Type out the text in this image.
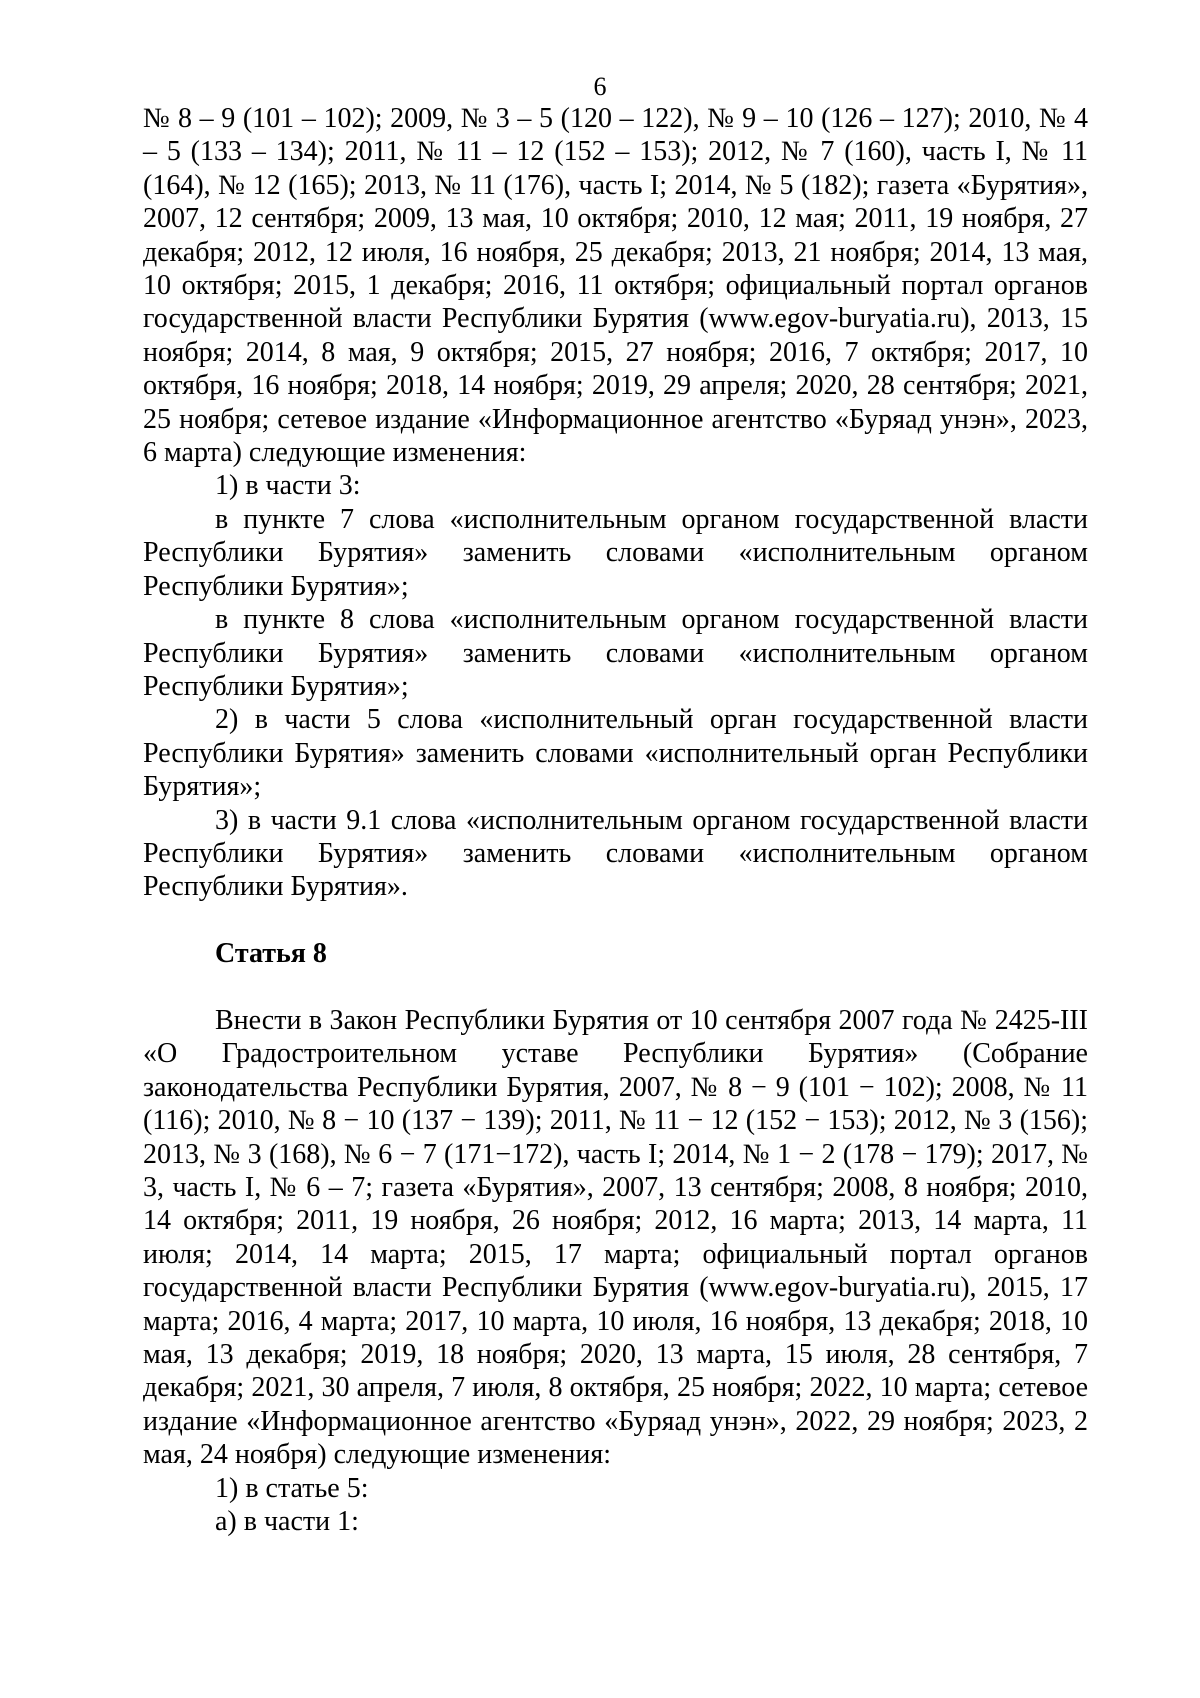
6

№ 8 – 9 (101 – 102); 2009, № 3 – 5 (120 – 122), № 9 – 10 (126 – 127); 2010, № 4 – 5 (133 – 134); 2011, № 11 – 12 (152 – 153); 2012, № 7 (160), часть I, № 11 (164), № 12 (165); 2013, № 11 (176), часть I; 2014, № 5 (182); газета «Бурятия», 2007, 12 сентября; 2009, 13 мая, 10 октября; 2010, 12 мая; 2011, 19 ноября, 27 декабря; 2012, 12 июля, 16 ноября, 25 декабря; 2013, 21 ноября; 2014, 13 мая, 10 октября; 2015, 1 декабря; 2016, 11 октября; официальный портал органов государственной власти Республики Бурятия (www.egov-buryatia.ru), 2013, 15 ноября; 2014, 8 мая, 9 октября; 2015, 27 ноября; 2016, 7 октября; 2017, 10 октября, 16 ноября; 2018, 14 ноября; 2019, 29 апреля; 2020, 28 сентября; 2021, 25 ноября; сетевое издание «Информационное агентство «Буряад унэн», 2023, 6 марта) следующие изменения:

1) в части 3:

в пункте 7 слова «исполнительным органом государственной власти Республики Бурятия» заменить словами «исполнительным органом Республики Бурятия»;

в пункте 8 слова «исполнительным органом государственной власти Республики Бурятия» заменить словами «исполнительным органом Республики Бурятия»;

2) в части 5 слова «исполнительный орган государственной власти Республики Бурятия» заменить словами «исполнительный орган Республики Бурятия»;

3) в части 9.1 слова «исполнительным органом государственной власти Республики Бурятия» заменить словами «исполнительным органом Республики Бурятия».

Статья 8

Внести в Закон Республики Бурятия от 10 сентября 2007 года № 2425-III «О Градостроительном уставе Республики Бурятия» (Собрание законодательства Республики Бурятия, 2007, № 8 − 9 (101 − 102); 2008, № 11 (116); 2010, № 8 − 10 (137 − 139); 2011, № 11 − 12 (152 − 153); 2012, № 3 (156); 2013, № 3 (168), № 6 − 7 (171−172), часть I; 2014, № 1 − 2 (178 − 179); 2017, № 3, часть I, № 6 – 7; газета «Бурятия», 2007, 13 сентября; 2008, 8 ноября; 2010, 14 октября; 2011, 19 ноября, 26 ноября; 2012, 16 марта; 2013, 14 марта, 11 июля; 2014, 14 марта; 2015, 17 марта; официальный портал органов государственной власти Республики Бурятия (www.egov-buryatia.ru), 2015, 17 марта; 2016, 4 марта; 2017, 10 марта, 10 июля, 16 ноября, 13 декабря; 2018, 10 мая, 13 декабря; 2019, 18 ноября; 2020, 13 марта, 15 июля, 28 сентября, 7 декабря; 2021, 30 апреля, 7 июля, 8 октября, 25 ноября; 2022, 10 марта; сетевое издание «Информационное агентство «Буряад унэн», 2022, 29 ноября; 2023, 2 мая, 24 ноября) следующие изменения:

1) в статье 5:

а) в части 1:
